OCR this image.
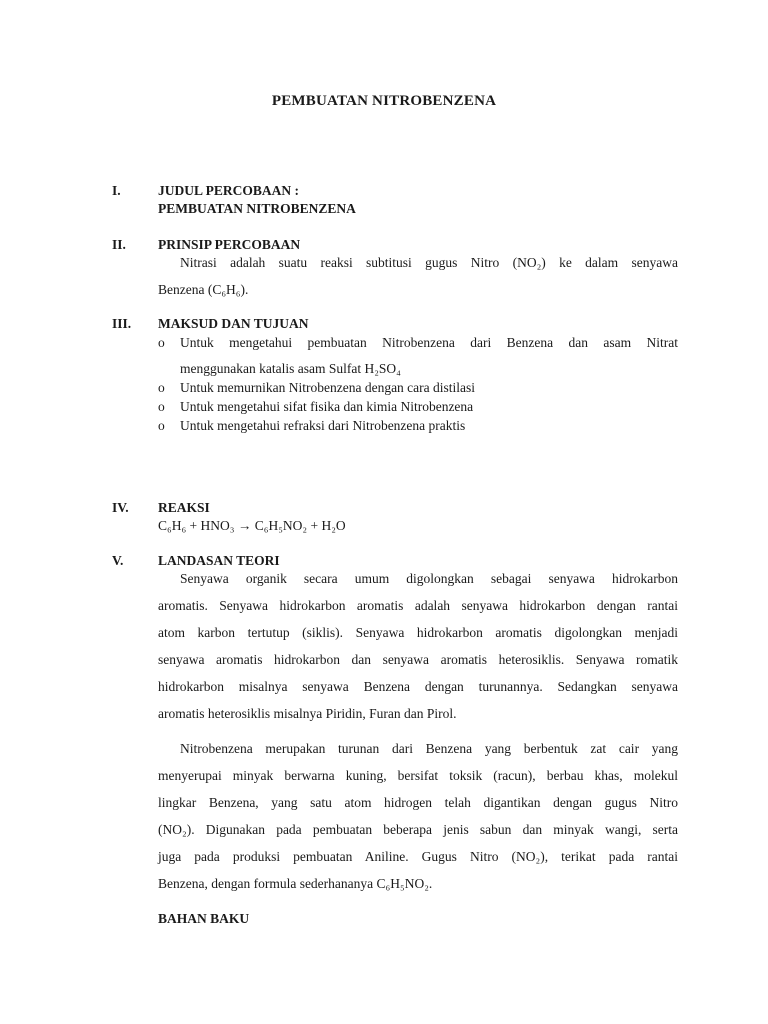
PEMBUATAN NITROBENZENA
I.	JUDUL PERCOBAAN :
PEMBUATAN NITROBENZENA
II. PRINSIP PERCOBAAN
Nitrasi adalah suatu reaksi subtitusi gugus Nitro (NO₂) ke dalam senyawa
Benzena (C₆H₆).
III. MAKSUD DAN TUJUAN
o Untuk mengetahui pembuatan Nitrobenzena dari Benzena dan asam Nitrat
menggunakan katalis asam Sulfat H₂SO₄
o Untuk memurnikan Nitrobenzena dengan cara distilasi
o Untuk mengetahui sifat fisika dan kimia Nitrobenzena
o Untuk mengetahui refraksi dari Nitrobenzena praktis
IV. REAKSI
C₆H₆ + HNO₃ → C₆H₅NO₂ + H₂O
V.	LANDASAN TEORI
Senyawa organik secara umum digolongkan sebagai senyawa hidrokarbon
aromatis. Senyawa hidrokarbon aromatis adalah senyawa hidrokarbon dengan rantai
atom karbon tertutup (siklis). Senyawa hidrokarbon aromatis digolongkan menjadi
senyawa aromatis hidrokarbon dan senyawa aromatis heterosiklis. Senyawa romatik
hidrokarbon misalnya senyawa Benzena dengan turunannya. Sedangkan senyawa
aromatis heterosiklis misalnya Piridin, Furan dan Pirol.
Nitrobenzena merupakan turunan dari Benzena yang berbentuk zat cair yang
menyerupai minyak berwarna kuning, bersifat toksik (racun), berbau khas, molekul
lingkar Benzena, yang satu atom hidrogen telah digantikan dengan gugus Nitro
(NO₂). Digunakan pada pembuatan beberapa jenis sabun dan minyak wangi, serta
juga pada produksi pembuatan Aniline. Gugus Nitro (NO₂), terikat pada rantai
Benzena, dengan formula sederhananya C₆H₅NO₂.
BAHAN BAKU
